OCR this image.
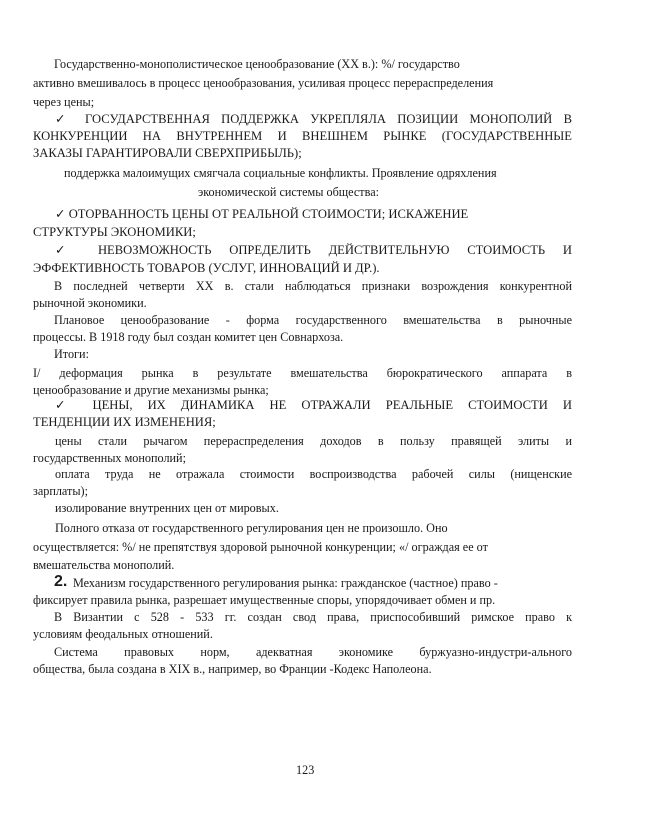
Государственно-монополистическое ценообразование (XX в.): %/ государство
активно вмешивалось в процесс ценообразования, усиливая процесс перераспределения
через цены;
✓ ГОСУДАРСТВЕННАЯ ПОДДЕРЖКА УКРЕПЛЯЛА ПОЗИЦИИ МОНОПОЛИЙ В
КОНКУРЕНЦИИ НА ВНУТРЕННЕМ И ВНЕШНЕМ РЫНКЕ (ГОСУДАРСТВЕННЫЕ
ЗАКАЗЫ ГАРАНТИРОВАЛИ СВЕРХПРИБЫЛЬ);
поддержка малоимущих смягчала социальные конфликты. Проявление одряхления
экономической системы общества:
✓ ОТОРВАННОСТЬ ЦЕНЫ ОТ РЕАЛЬНОЙ СТОИМОСТИ; ИСКАЖЕНИЕ
СТРУКТУРЫ ЭКОНОМИКИ;
✓ НЕВОЗМОЖНОСТЬ ОПРЕДЕЛИТЬ ДЕЙСТВИТЕЛЬНУЮ СТОИМОСТЬ И
ЭФФЕКТИВНОСТЬ ТОВАРОВ (УСЛУГ, ИННОВАЦИЙ И ДР.).
В последней четверти XX в. стали наблюдаться признаки возрождения конкурентной
рыночной экономики.
Плановое ценообразование - форма государственного вмешательства в рыночные
процессы. В 1918 году был создан комитет цен Совнархоза.
Итоги:
I/ деформация рынка в результате вмешательства бюрократического аппарата в
ценообразование и другие механизмы рынка;
✓ ЦЕНЫ, ИХ ДИНАМИКА НЕ ОТРАЖАЛИ РЕАЛЬНЫЕ СТОИМОСТИ И
ТЕНДЕНЦИИ ИХ ИЗМЕНЕНИЯ;
цены стали рычагом перераспределения доходов в пользу правящей элиты и
государственных монополий;
оплата труда не отражала стоимости воспроизводства рабочей силы (нищенские
зарплаты);
изолирование внутренних цен от мировых.
Полного отказа от государственного регулирования цен не произошло. Оно
осуществляется: %/ не препятствуя здоровой рыночной конкуренции; «/ ограждая ее от
вмешательства монополий.
2. Механизм государственного регулирования рынка: гражданское (частное) право -
фиксирует правила рынка, разрешает имущественные споры, упорядочивает обмен и пр.
В Византии с 528 - 533 гг. создан свод права, приспособивший римское право к
условиям феодальных отношений.
Система правовых норм, адекватная экономике буржуазно-индустри-ального
общества, была создана в XIX в., например, во Франции -Кодекс Наполеона.
123
